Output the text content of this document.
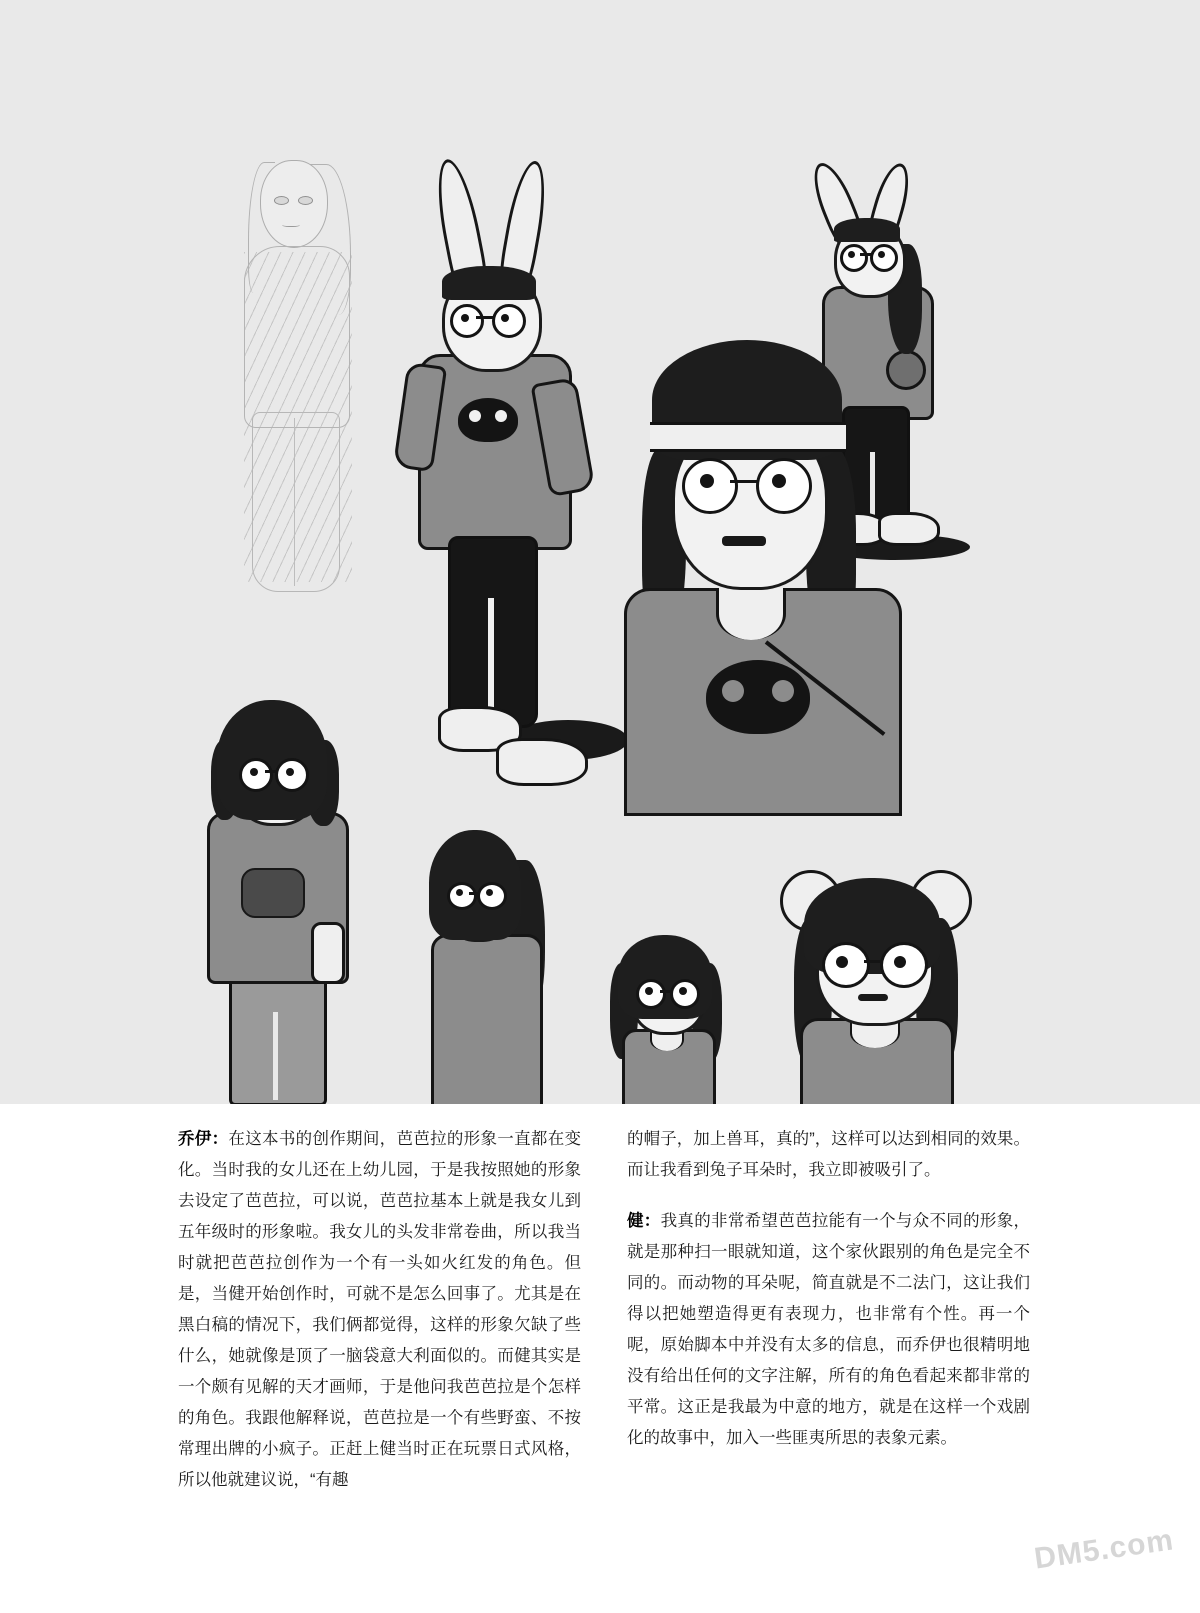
乔伊：在这本书的创作期间，芭芭拉的形象一直都在变化。当时我的女儿还在上幼儿园，于是我按照她的形象去设定了芭芭拉，可以说，芭芭拉基本上就是我女儿到五年级时的形象啦。我女儿的头发非常卷曲，所以我当时就把芭芭拉创作为一个有一头如火红发的角色。但是，当健开始创作时，可就不是怎么回事了。尤其是在黑白稿的情况下，我们俩都觉得，这样的形象欠缺了些什么，她就像是顶了一脑袋意大利面似的。而健其实是一个颇有见解的天才画师，于是他问我芭芭拉是个怎样的角色。我跟他解释说，芭芭拉是一个有些野蛮、不按常理出牌的小疯子。正赶上健当时正在玩票日式风格，所以他就建议说，“有趣

的帽子，加上兽耳，真的”，这样可以达到相同的效果。而让我看到兔子耳朵时，我立即被吸引了。

健：我真的非常希望芭芭拉能有一个与众不同的形象，就是那种扫一眼就知道，这个家伙跟别的角色是完全不同的。而动物的耳朵呢，简直就是不二法门，这让我们得以把她塑造得更有表现力，也非常有个性。再一个呢，原始脚本中并没有太多的信息，而乔伊也很精明地没有给出任何的文字注解，所有的角色看起来都非常的平常。这正是我最为中意的地方，就是在这样一个戏剧化的故事中，加入一些匪夷所思的表象元素。

DM5.com
